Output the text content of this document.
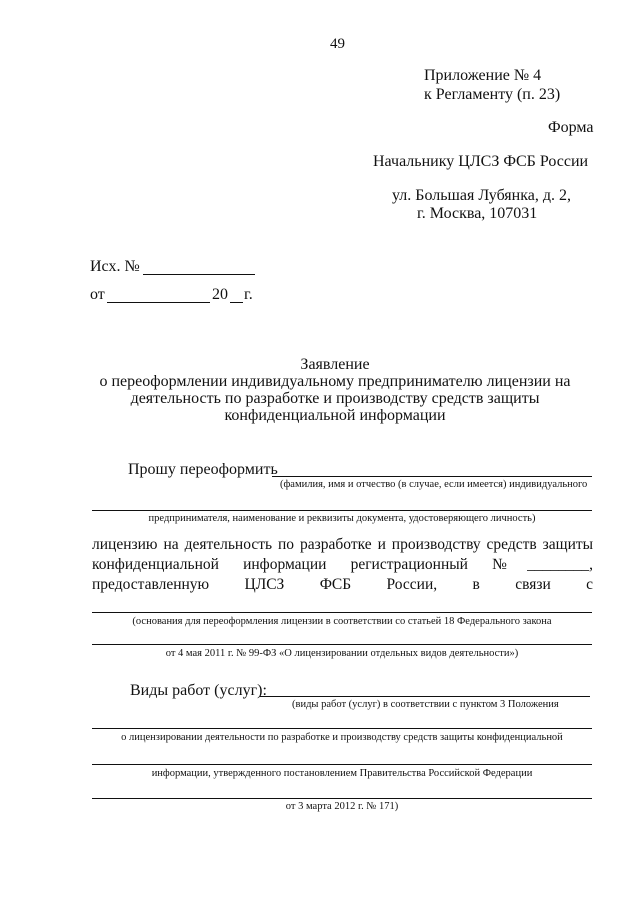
49
Приложение № 4
к Регламенту (п. 23)
Форма
Начальнику ЦЛСЗ ФСБ России
ул. Большая Лубянка, д. 2,
г. Москва, 107031
Исх. №
от	20 г.
Заявление
о переоформлении индивидуальному предпринимателю лицензии на
деятельность по разработке и производству средств защиты
конфиденциальной информации
Прошу переоформить
(фамилия, имя и отчество (в случае, если имеется) индивидуального
предпринимателя, наименование и реквизиты документа, удостоверяющего личность)
лицензию на деятельность по разработке и производству средств защиты
конфиденциальной информации регистрационный №________,
предоставленную ЦЛСЗ ФСБ России, в связи с
(основания для переоформления лицензии в соответствии со статьей 18 Федерального закона
от 4 мая 2011 г. № 99-ФЗ «О лицензировании отдельных видов деятельности»)
Виды работ (услуг):
(виды работ (услуг) в соответствии с пунктом 3 Положения
о лицензировании деятельности по разработке и производству средств защиты конфиденциальной
информации, утвержденного постановлением Правительства Российской Федерации
от 3 марта 2012 г. № 171)
